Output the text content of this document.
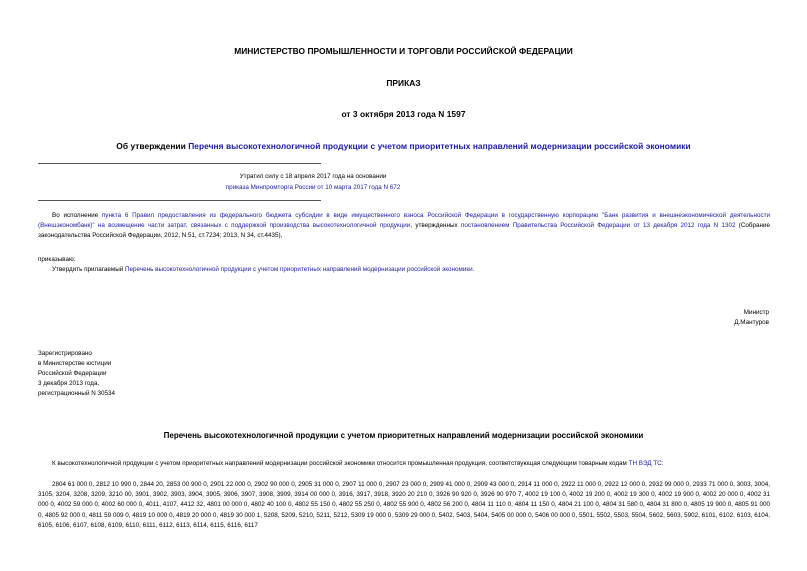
МИНИСТЕРСТВО ПРОМЫШЛЕННОСТИ И ТОРГОВЛИ РОССИЙСКОЙ ФЕДЕРАЦИИ
ПРИКАЗ
от 3 октября 2013 года N 1597
Об утверждении Перечня высокотехнологичной продукции с учетом приоритетных направлений модернизации российской экономики
Утратил силу с 18 апреля 2017 года на основании
приказа Минпромторга России от 10 марта 2017 года N 672
Во исполнение пункта 6 Правил предоставления из федерального бюджета субсидии в виде имущественного взноса Российской Федерации в государственную корпорацию "Банк развития и внешнеэкономической деятельности (Внешэкономбанк)" на возмещение части затрат, связанных с поддержкой производства высокотехнологичной продукции, утвержденных постановлением Правительства Российской Федерации от 13 декабря 2012 года N 1302 (Собрание законодательства Российской Федерации, 2012, N 51, ст.7234; 2013, N 34, ст.4435),
приказываю:
Утвердить прилагаемый Перечень высокотехнологичной продукции с учетом приоритетных направлений модернизации российской экономики.
Министр
Д.Мантуров
Зарегистрировано
в Министерстве юстиции
Российской Федерации
3 декабря 2013 года,
регистрационный N 30534
Перечень высокотехнологичной продукции с учетом приоритетных направлений модернизации российской экономики
К высокотехнологичной продукции с учетом приоритетных направлений модернизации российской экономики относится промышленная продукция, соответствующая следующим товарным кодам ТН ВЭД ТС:
2804 61 000 0, 2812 10 990 0, 2844 20, 2853 00 900 0, 2901 22 000 0, 2902 90 000 0, 2905 31 000 0, 2907 11 000 0, 2907 23 000 0, 2909 41 000 0, 2909 43 000 0, 2914 11 000 0, 2922 11 000 0, 2922 12 000 0, 2932 99 000 0, 2933 71 000 0, 3003, 3004, 3105, 3204, 3208, 3209, 3210 00, 3901, 3902, 3903, 3904, 3905, 3906, 3907, 3908, 3909, 3914 00 000 0, 3916, 3917, 3918, 3920 20 210 0, 3926 90 920 0, 3926 90 970 7, 4002 19 100 0, 4002 19 200 0, 4002 19 300 0, 4002 19 900 0, 4002 20 000 0, 4002 31 000 0, 4002 59 000 0, 4002 60 000 0, 4011, 4107, 4412 32, 4801 00 000 0, 4802 40 100 0, 4802 55 150 0, 4802 55 250 0, 4802 55 900 0, 4802 56 200 0, 4804 11 110 0, 4804 11 150 0, 4804 21 100 0, 4804 31 580 0, 4804 31 800 0, 4805 19 900 0, 4805 91 000 0, 4805 92 000 0, 4811 59 009 0, 4819 10 000 0, 4819 20 000 0, 4819 30 000 1, 5208, 5209, 5210, 5211, 5212, 5309 19 000 0, 5309 29 000 0, 5402, 5403, 5404, 5405 00 000 0, 5406 00 000 0, 5501, 5502, 5503, 5504, 5602, 5603, 5902, 6101, 6102, 6103, 6104, 6105, 6106, 6107, 6108, 6109, 6110, 6111, 6112, 6113, 6114, 6115, 6116, 6117
